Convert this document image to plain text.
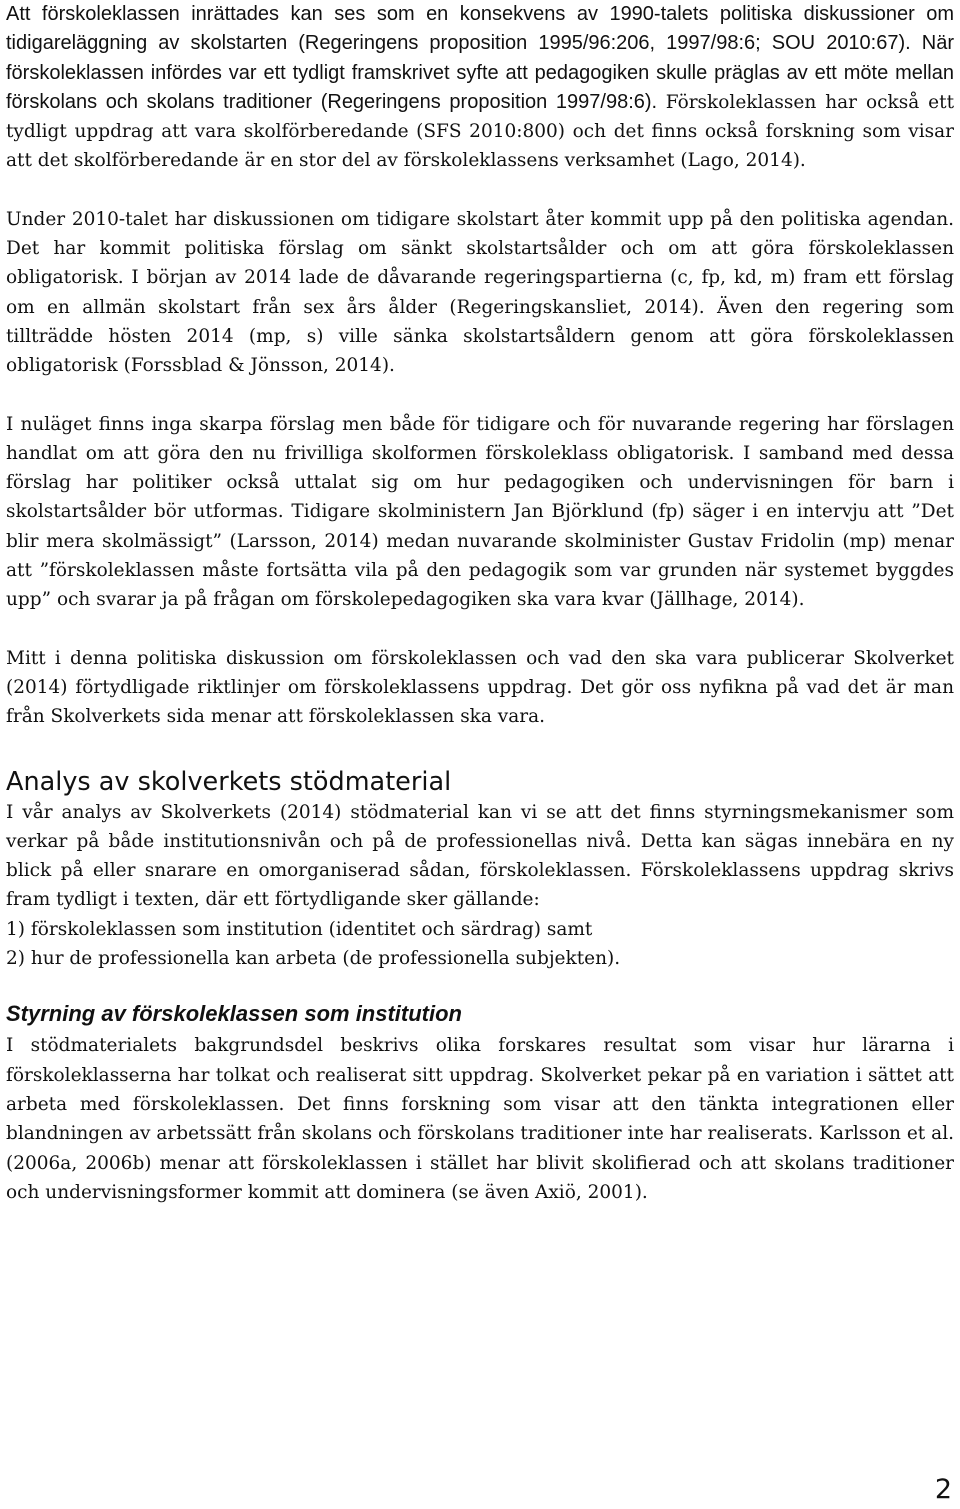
Att förskoleklassen inrättades kan ses som en konsekvens av 1990-talets politiska diskussioner om tidigareläggning av skolstarten (Regeringens proposition 1995/96:206, 1997/98:6; SOU 2010:67). När förskoleklassen infördes var ett tydligt framskrivet syfte att pedagogiken skulle präglas av ett möte mellan förskolans och skolans traditioner (Regeringens proposition 1997/98:6). Förskoleklassen har också ett tydligt uppdrag att vara skolförberedande (SFS 2010:800) och det finns också forskning som visar att det skolförberedande är en stor del av förskoleklassens verksamhet (Lago, 2014).

Under 2010-talet har diskussionen om tidigare skolstart åter kommit upp på den politiska agendan. Det har kommit politiska förslag om sänkt skolstartsålder och om att göra förskoleklassen obligatorisk. I början av 2014 lade de dåvarande regeringspartierna (c, fp, kd, m) fram ett förslag om en allmän skolstart från sex års ålder (Regeringskansliet, 2014). Även den regering som tillträdde hösten 2014 (mp, s) ville sänka skolstartsåldern genom att göra förskoleklassen obligatorisk (Forssblad & Jönsson, 2014).

I nuläget finns inga skarpa förslag men både för tidigare och för nuvarande regering har förslagen handlat om att göra den nu frivilliga skolformen förskoleklass obligatorisk. I samband med dessa förslag har politiker också uttalat sig om hur pedagogiken och undervisningen för barn i skolstartsålder bör utformas. Tidigare skolministern Jan Björklund (fp) säger i en intervju att ”Det blir mera skolmässigt” (Larsson, 2014) medan nuvarande skolminister Gustav Fridolin (mp) menar att ”förskoleklassen måste fortsätta vila på den pedagogik som var grunden när systemet byggdes upp” och svarar ja på frågan om förskolepedagogiken ska vara kvar (Jällhage, 2014).

Mitt i denna politiska diskussion om förskoleklassen och vad den ska vara publicerar Skolverket (2014) förtydligade riktlinjer om förskoleklassens uppdrag. Det gör oss nyfikna på vad det är man från Skolverkets sida menar att förskoleklassen ska vara.

Analys av skolverkets stödmaterial

I vår analys av Skolverkets (2014) stödmaterial kan vi se att det finns styrningsmekanismer som verkar på både institutionsnivån och på de professionellas nivå. Detta kan sägas innebära en ny blick på eller snarare en omorganiserad sådan, förskoleklassen. Förskoleklassens uppdrag skrivs fram tydligt i texten, där ett förtydligande sker gällande:

1) förskoleklassen som institution (identitet och särdrag) samt

2) hur de professionella kan arbeta (de professionella subjekten).

Styrning av förskoleklassen som institution

I stödmaterialets bakgrundsdel beskrivs olika forskares resultat som visar hur lärarna i förskoleklasserna har tolkat och realiserat sitt uppdrag. Skolverket pekar på en variation i sättet att arbeta med förskoleklassen. Det finns forskning som visar att den tänkta integrationen eller blandningen av arbetssätt från skolans och förskolans traditioner inte har realiserats. Karlsson et al. (2006a, 2006b) menar att förskoleklassen i stället har blivit skolifierad och att skolans traditioner och undervisningsformer kommit att dominera (se även Axiö, 2001).

2
